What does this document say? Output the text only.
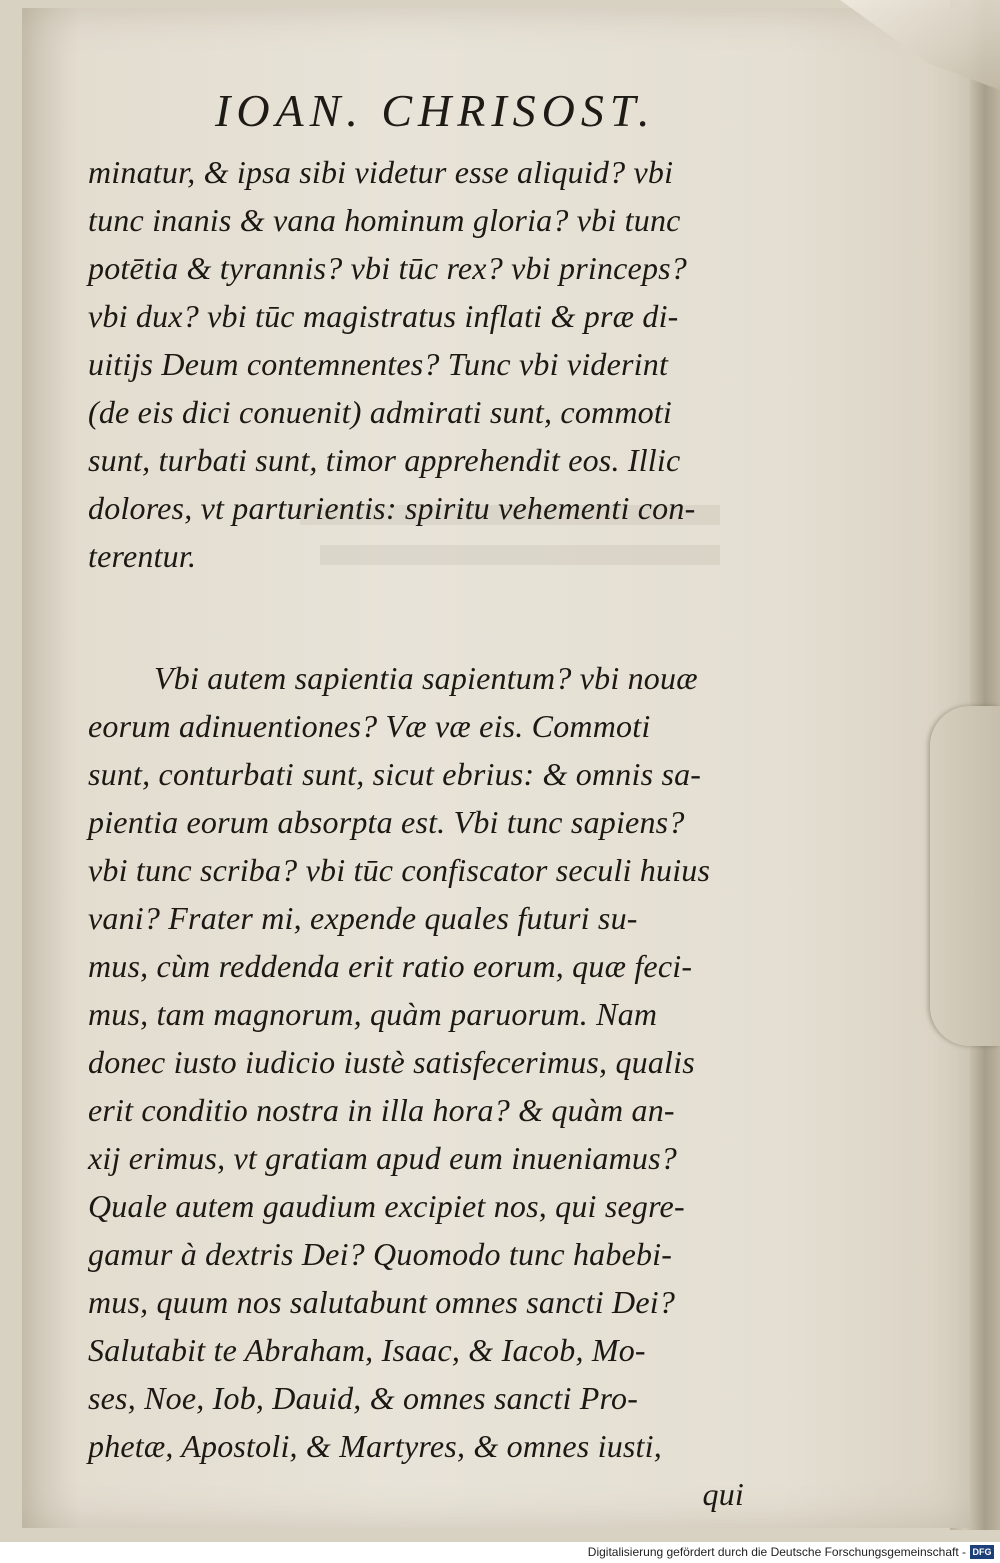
IOAN. CHRISOST.
minatur, & ipsa sibi videtur esse aliquid? vbi
tunc inanis & vana hominum gloria? vbi tunc
potētia & tyrannis? vbi tūc rex? vbi princeps?
vbi dux? vbi tūc magistratus inflati & præ di-
uitijs Deum contemnentes? Tunc vbi viderint
(de eis dici conuenit) admirati sunt, commoti
sunt, turbati sunt, timor apprehendit eos. Illic
dolores, vt parturientis: spiritu vehementi con-
terentur.
Vbi autem sapientia sapientum? vbi nouæ
eorum adinuentiones? Væ væ eis. Commoti
sunt, conturbati sunt, sicut ebrius: & omnis sa-
pientia eorum absorpta est. Vbi tunc sapiens?
vbi tunc scriba? vbi tūc confiscator seculi huius
vani? Frater mi, expende quales futuri su-
mus, cùm reddenda erit ratio eorum, quæ feci-
mus, tam magnorum, quàm paruorum. Nam
donec iusto iudicio iustè satisfecerimus, qualis
erit conditio nostra in illa hora? & quàm an-
xij erimus, vt gratiam apud eum inueniamus?
Quale autem gaudium excipiet nos, qui segre-
gamur à dextris Dei? Quomodo tunc habebi-
mus, quum nos salutabunt omnes sancti Dei?
Salutabit te Abraham, Isaac, & Iacob, Mo-
ses, Noe, Iob, Dauid, & omnes sancti Pro-
phetæ, Apostoli, & Martyres, & omnes iusti,
qui
Digitalisierung gefördert durch die Deutsche Forschungsgemeinschaft - DFG
